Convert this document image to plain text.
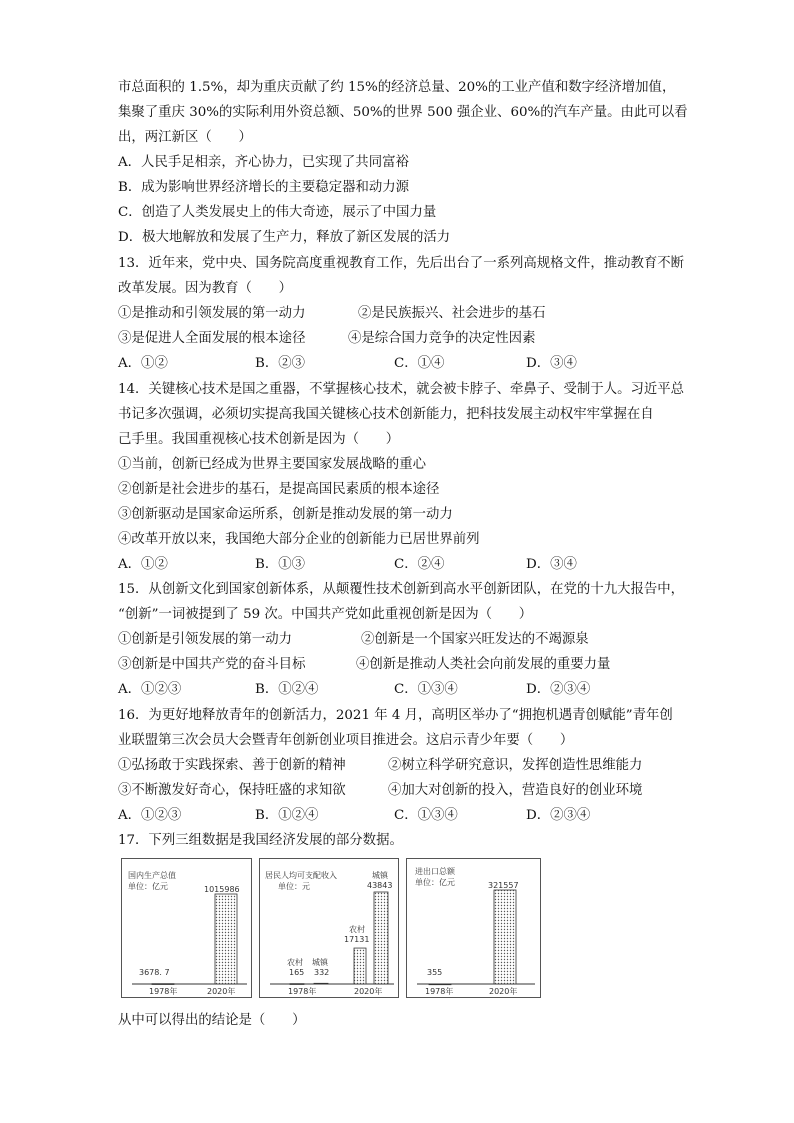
市总面积的 1.5%，却为重庆贡献了约 15%的经济总量、20%的工业产值和数字经济增加值，
集聚了重庆 30%的实际利用外资总额、50%的世界 500 强企业、60%的汽车产量。由此可以看
出，两江新区（　　）
A．人民手足相亲，齐心协力，已实现了共同富裕
B．成为影响世界经济增长的主要稳定器和动力源
C．创造了人类发展史上的伟大奇迹，展示了中国力量
D．极大地解放和发展了生产力，释放了新区发展的活力
13．近年来，党中央、国务院高度重视教育工作，先后出台了一系列高规格文件，推动教育不断
改革发展。因为教育（　　）
①是推动和引领发展的第一动力	②是民族振兴、社会进步的基石
③是促进人全面发展的根本途径	④是综合国力竞争的决定性因素
A．①②	B．②③	C．①④	D．③④
14．关键核心技术是国之重器，不掌握核心技术，就会被卡脖子、牵鼻子、受制于人。习近平总
书记多次强调，必须切实提高我国关键核心技术创新能力，把科技发展主动权牢牢掌握在自
己手里。我国重视核心技术创新是因为（　　）
①当前，创新已经成为世界主要国家发展战略的重心
②创新是社会进步的基石，是提高国民素质的根本途径
③创新驱动是国家命运所系，创新是推动发展的第一动力
④改革开放以来，我国绝大部分企业的创新能力已居世界前列
A．①②	B．①③	C．②④	D．③④
15．从创新文化到国家创新体系，从颠覆性技术创新到高水平创新团队，在党的十九大报告中，
“创新”一词被提到了 59 次。中国共产党如此重视创新是因为（　　）
①创新是引领发展的第一动力	②创新是一个国家兴旺发达的不竭源泉
③创新是中国共产党的奋斗目标	④创新是推动人类社会向前发展的重要力量
A．①②③	B．①②④	C．①③④	D．②③④
16．为更好地释放青年的创新活力，2021 年 4 月，高明区举办了“拥抱机遇青创赋能”青年创
业联盟第三次会员大会暨青年创新创业项目推进会。这启示青少年要（　　）
①弘扬敢于实践探索、善于创新的精神	②树立科学研究意识，发挥创造性思维能力
③不断激发好奇心，保持旺盛的求知欲	④加大对创新的投入，营造良好的创业环境
A．①②③	B．①②④	C．①③④	D．②③④
17．下列三组数据是我国经济发展的部分数据。
国内生产总值
单位：亿元	1015986
3678. 7
1978年	2020年
居民人均可支配收入
单位：元
城镇
43843
农村
17131
农村
165
城镇
332
1978年	2020年
进出口总额
单位：亿元	321557
355
1978年	2020年
从中可以得出的结论是（　　）
